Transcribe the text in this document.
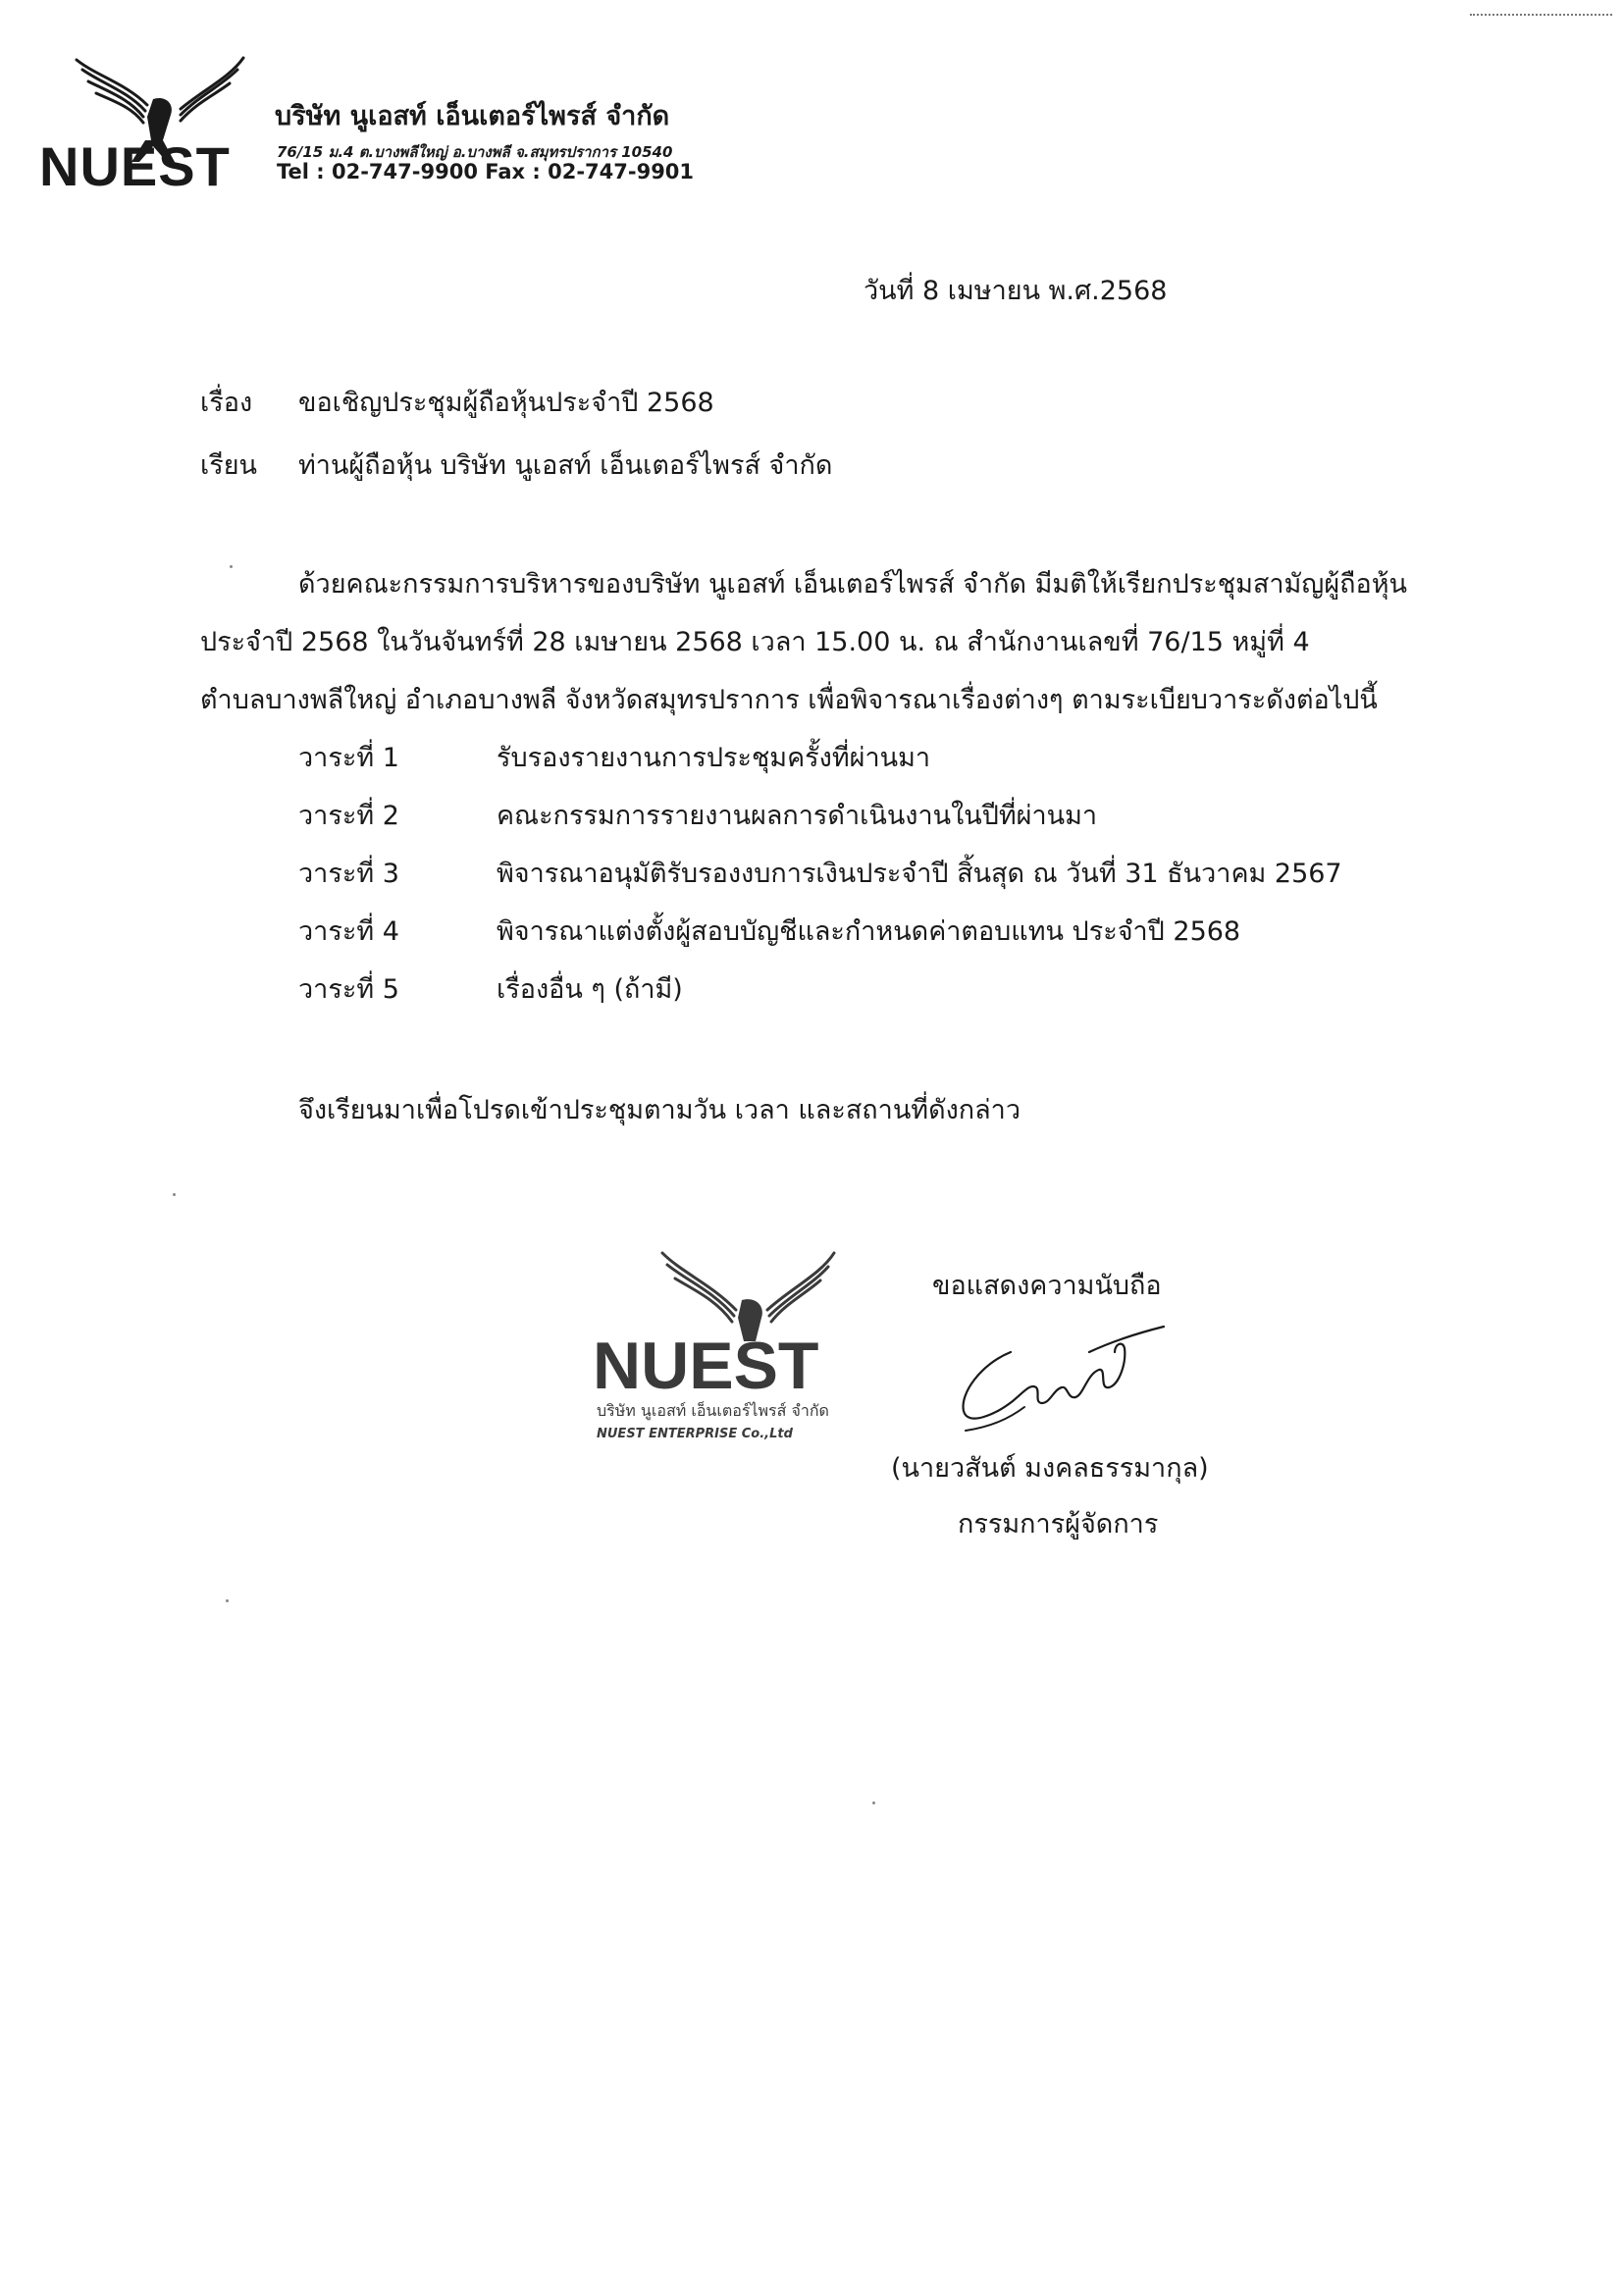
NUEST
บริษัท นูเอสท์ เอ็นเตอร์ไพรส์ จำกัด
76/15 ม.4 ต.บางพลีใหญ่ อ.บางพลี จ.สมุทรปราการ 10540
Tel : 02-747-9900 Fax : 02-747-9901
วันที่ 8 เมษายน พ.ศ.2568
เรื่อง ขอเชิญประชุมผู้ถือหุ้นประจำปี 2568
เรียน ท่านผู้ถือหุ้น บริษัท นูเอสท์ เอ็นเตอร์ไพรส์ จำกัด
ด้วยคณะกรรมการบริหารของบริษัท นูเอสท์ เอ็นเตอร์ไพรส์ จำกัด มีมติให้เรียกประชุมสามัญผู้ถือหุ้น
ประจำปี 2568 ในวันจันทร์ที่ 28 เมษายน 2568 เวลา 15.00 น. ณ สำนักงานเลขที่ 76/15 หมู่ที่ 4
ตำบลบางพลีใหญ่ อำเภอบางพลี จังหวัดสมุทรปราการ เพื่อพิจารณาเรื่องต่างๆ ตามระเบียบวาระดังต่อไปนี้
วาระที่ 1	รับรองรายงานการประชุมครั้งที่ผ่านมา
วาระที่ 2	คณะกรรมการรายงานผลการดำเนินงานในปีที่ผ่านมา
วาระที่ 3	พิจารณาอนุมัติรับรองงบการเงินประจำปี สิ้นสุด ณ วันที่ 31 ธันวาคม 2567
วาระที่ 4	พิจารณาแต่งตั้งผู้สอบบัญชีและกำหนดค่าตอบแทน ประจำปี 2568
วาระที่ 5	เรื่องอื่น ๆ (ถ้ามี)
จึงเรียนมาเพื่อโปรดเข้าประชุมตามวัน เวลา และสถานที่ดังกล่าว
NUEST
บริษัท นูเอสท์ เอ็นเตอร์ไพรส์ จำกัด
NUEST ENTERPRISE Co.,Ltd
ขอแสดงความนับถือ
(นายวสันต์ มงคลธรรมากุล)
กรรมการผู้จัดการ
